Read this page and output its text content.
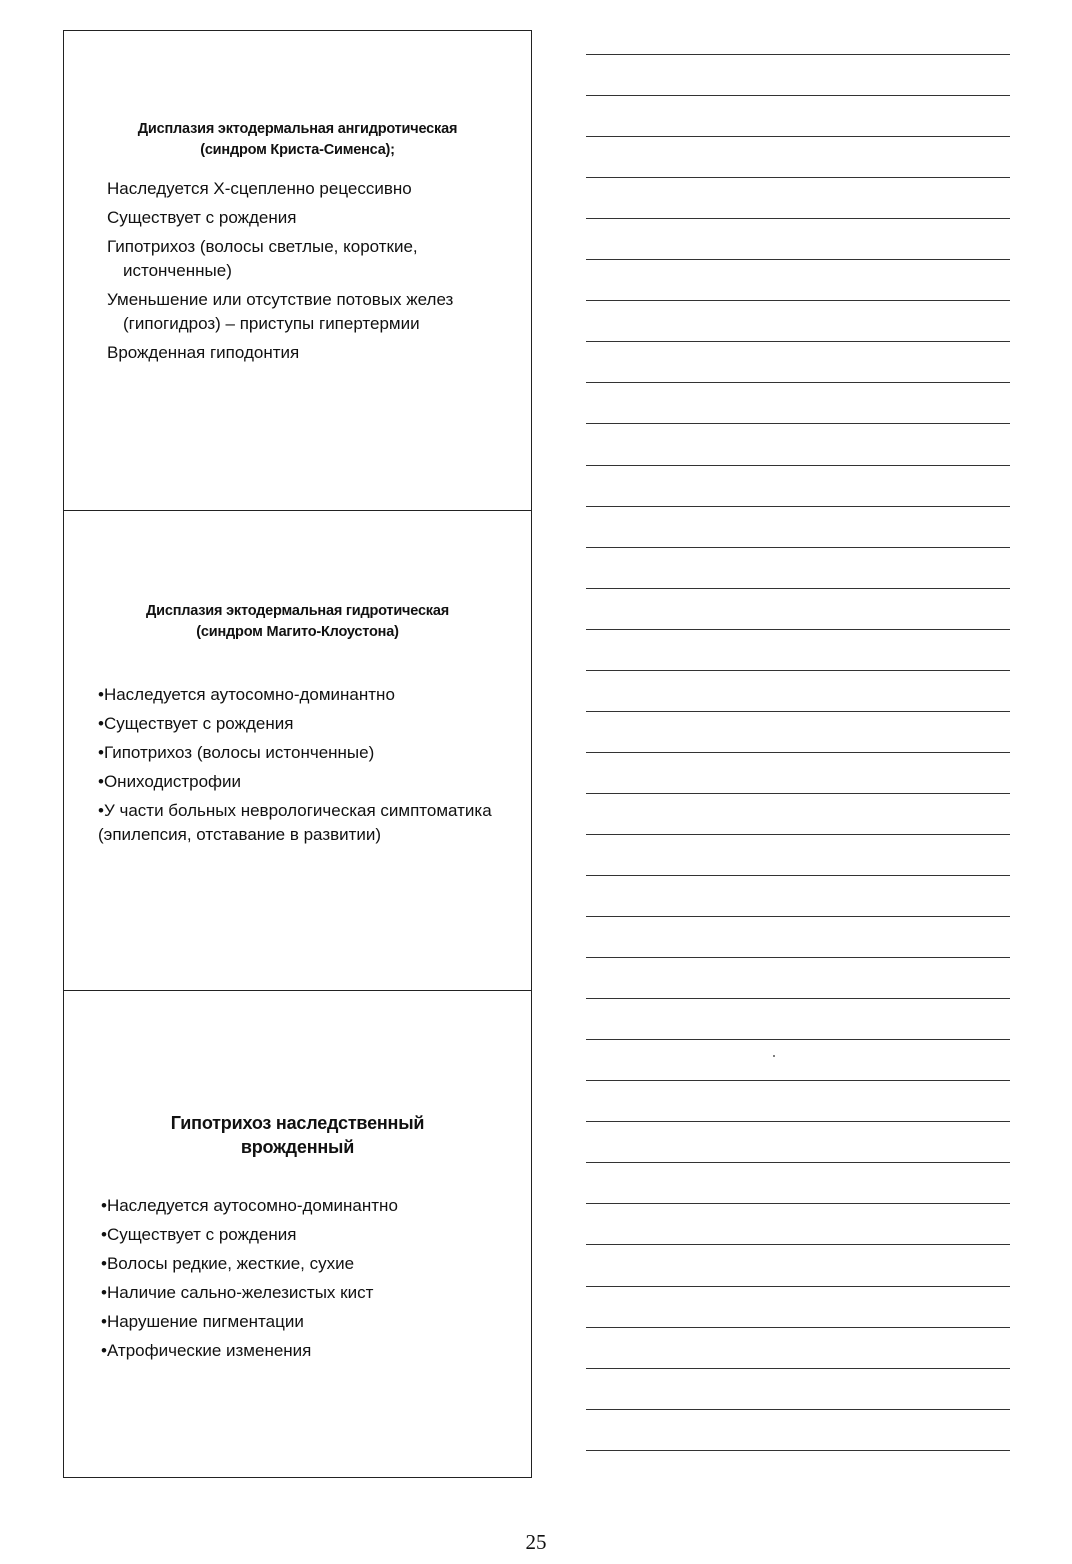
Дисплазия эктодермальная ангидротическая
(синдром Криста-Сименса);
Наследуется Х-сцепленно рецессивно
Существует с рождения
Гипотрихоз (волосы светлые, короткие, истонченные)
Уменьшение или отсутствие потовых желез (гипогидроз) – приступы гипертермии
Врожденная гиподонтия
Дисплазия эктодермальная гидротическая
(синдром Магито-Клоустона)
•Наследуется аутосомно-доминантно
•Существует с рождения
•Гипотрихоз (волосы истонченные)
•Ониходистрофии
•У части больных неврологическая симптоматика (эпилепсия, отставание в развитии)
Гипотрихоз наследственный
врожденный
•Наследуется аутосомно-доминантно
•Существует с рождения
•Волосы редкие, жесткие, сухие
•Наличие сально-железистых кист
•Нарушение пигментации
•Атрофические изменения
25
